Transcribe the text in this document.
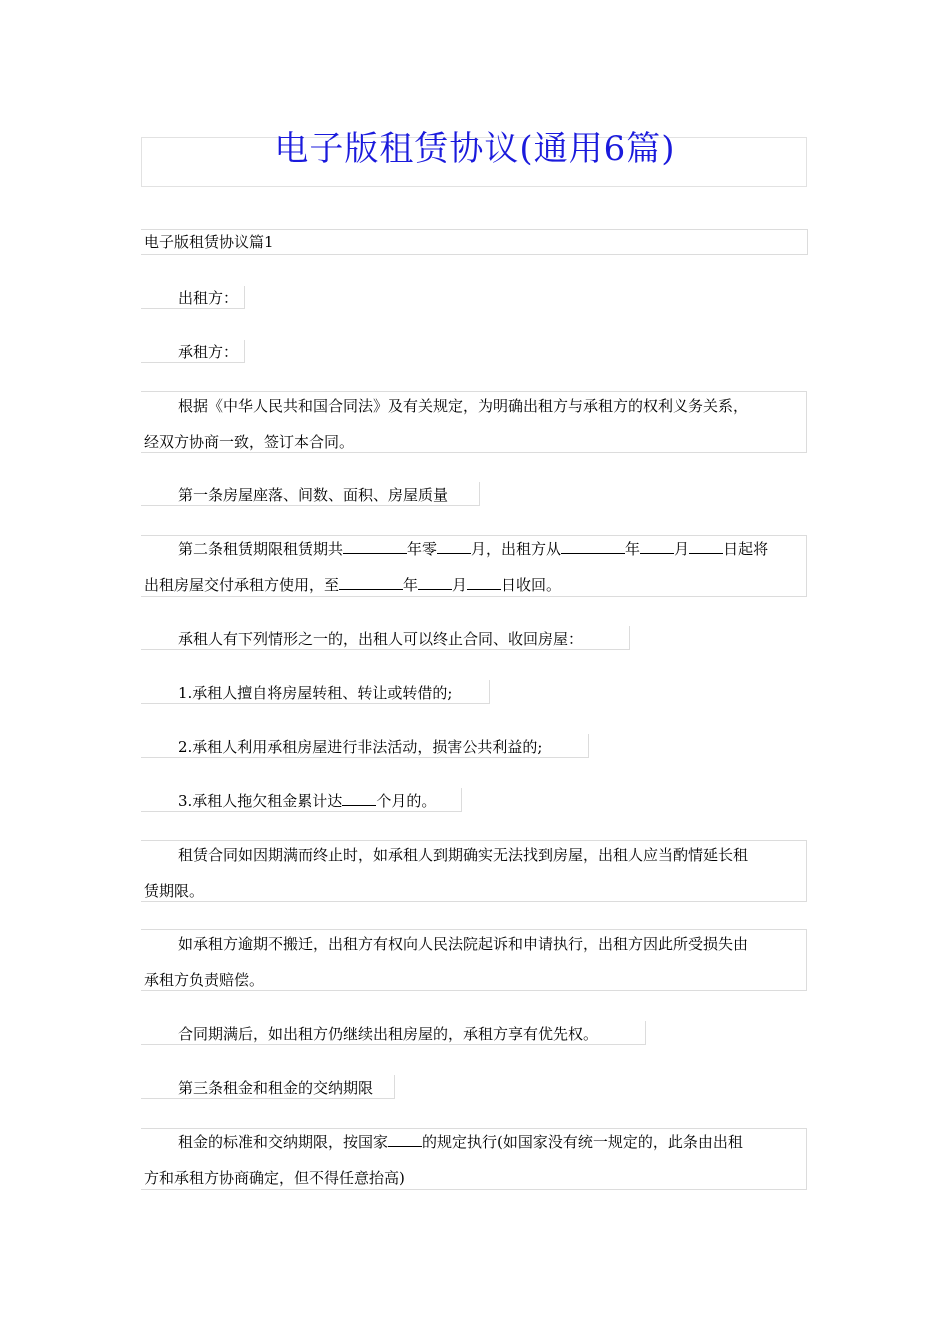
电子版租赁协议(通用6篇)
电子版租赁协议篇1
出租方：
承租方：
根据《中华人民共和国合同法》及有关规定，为明确出租方与承租方的权利义务关系，
经双方协商一致，签订本合同。
第一条房屋座落、间数、面积、房屋质量
第二条租赁期限租赁期共	年零 月，出租方从	年 月 日起将
出租房屋交付承租方使用，至	年 月 日收回。
承租人有下列情形之一的，出租人可以终止合同、收回房屋：
1.承租人擅自将房屋转租、转让或转借的;
2.承租人利用承租房屋进行非法活动，损害公共利益的;
3.承租人拖欠租金累计达 个月的。
租赁合同如因期满而终止时，如承租人到期确实无法找到房屋，出租人应当酌情延长租
赁期限。
如承租方逾期不搬迁，出租方有权向人民法院起诉和申请执行，出租方因此所受损失由
承租方负责赔偿。
合同期满后，如出租方仍继续出租房屋的，承租方享有优先权。
第三条租金和租金的交纳期限
租金的标准和交纳期限，按国家 的规定执行(如国家没有统一规定的，此条由出租
方和承租方协商确定，但不得任意抬高)
